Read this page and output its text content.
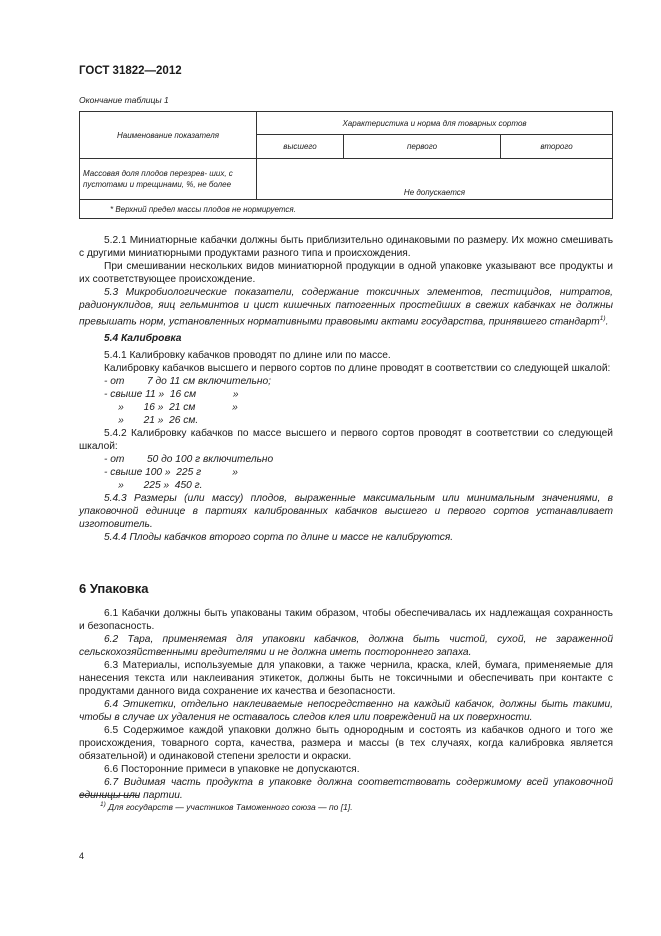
ГОСТ 31822—2012
Окончание таблицы 1
Наименование показателя	Характеристика и норма для товарных сортов		
	высшего	первого	второго
Массовая доля плодов перезрев- ших, с пустотами и трещинами, %, не более	Не допускается		
* Верхний предел массы плодов не нормируется.			

5.2.1 Миниатюрные кабачки должны быть приблизительно одинаковыми по размеру. Их можно смешивать с другими миниатюрными продуктами разного типа и происхождения.

При смешивании нескольких видов миниатюрной продукции в одной упаковке указывают все продукты и их соответствующее происхождение.

5.3 Микробиологические показатели, содержание токсичных элементов, пестицидов, нитратов, радионуклидов, яиц гельминтов и цист кишечных патогенных простейших в свежих кабачках не должны превышать норм, установленных нормативными правовыми актами государства, принявшего стандарт$^{1)}$.

5.4 Калибровка

5.4.1 Калибровку кабачков проводят по длине или по массе.

Калибровку кабачков высшего и первого сортов по длине проводят в соответствии со следующей шкалой:

- от        7 до 11 см включительно;
- свыше 11 »  16 см             »
»       16 »  21 см             »
»       21 »  26 см.

5.4.2 Калибровку кабачков по массе высшего и первого сортов проводят в соответствии со следующей шкалой:

- от        50 до 100 г включительно
- свыше 100 »  225 г           »
»       225 »  450 г.

5.4.3 Размеры (или массу) плодов, выраженные максимальным или минимальным значениями, в упаковочной единице в партиях калиброванных кабачков высшего и первого сортов устанавливает изготовитель.

5.4.4 Плоды кабачков второго сорта по длине и массе не калибруются.

6 Упаковка

6.1 Кабачки должны быть упакованы таким образом, чтобы обеспечивалась их надлежащая сохранность и безопасность.

6.2 Тара, применяемая для упаковки кабачков, должна быть чистой, сухой, не зараженной сельскохозяйственными вредителями и не должна иметь постороннего запаха.

6.3 Материалы, используемые для упаковки, а также чернила, краска, клей, бумага, применяемые для нанесения текста или наклеивания этикеток, должны быть не токсичными и обеспечивать при контакте с продуктами данного вида сохранение их качества и безопасности.

6.4 Этикетки, отдельно наклеиваемые непосредственно на каждый кабачок, должны быть такими, чтобы в случае их удаления не оставалось следов клея или повреждений на их поверхности.

6.5 Содержимое каждой упаковки должно быть однородным и состоять из кабачков одного и того же происхождения, товарного сорта, качества, размера и массы (в тех случаях, когда калибровка является обязательной) и одинаковой степени зрелости и окраски.

6.6 Посторонние примеси в упаковке не допускаются.

6.7 Видимая часть продукта в упаковке должна соответствовать содержимому всей упаковочной единицы или партии.

$^{1)}$ Для государств — участников Таможенного союза — по [1].
4
